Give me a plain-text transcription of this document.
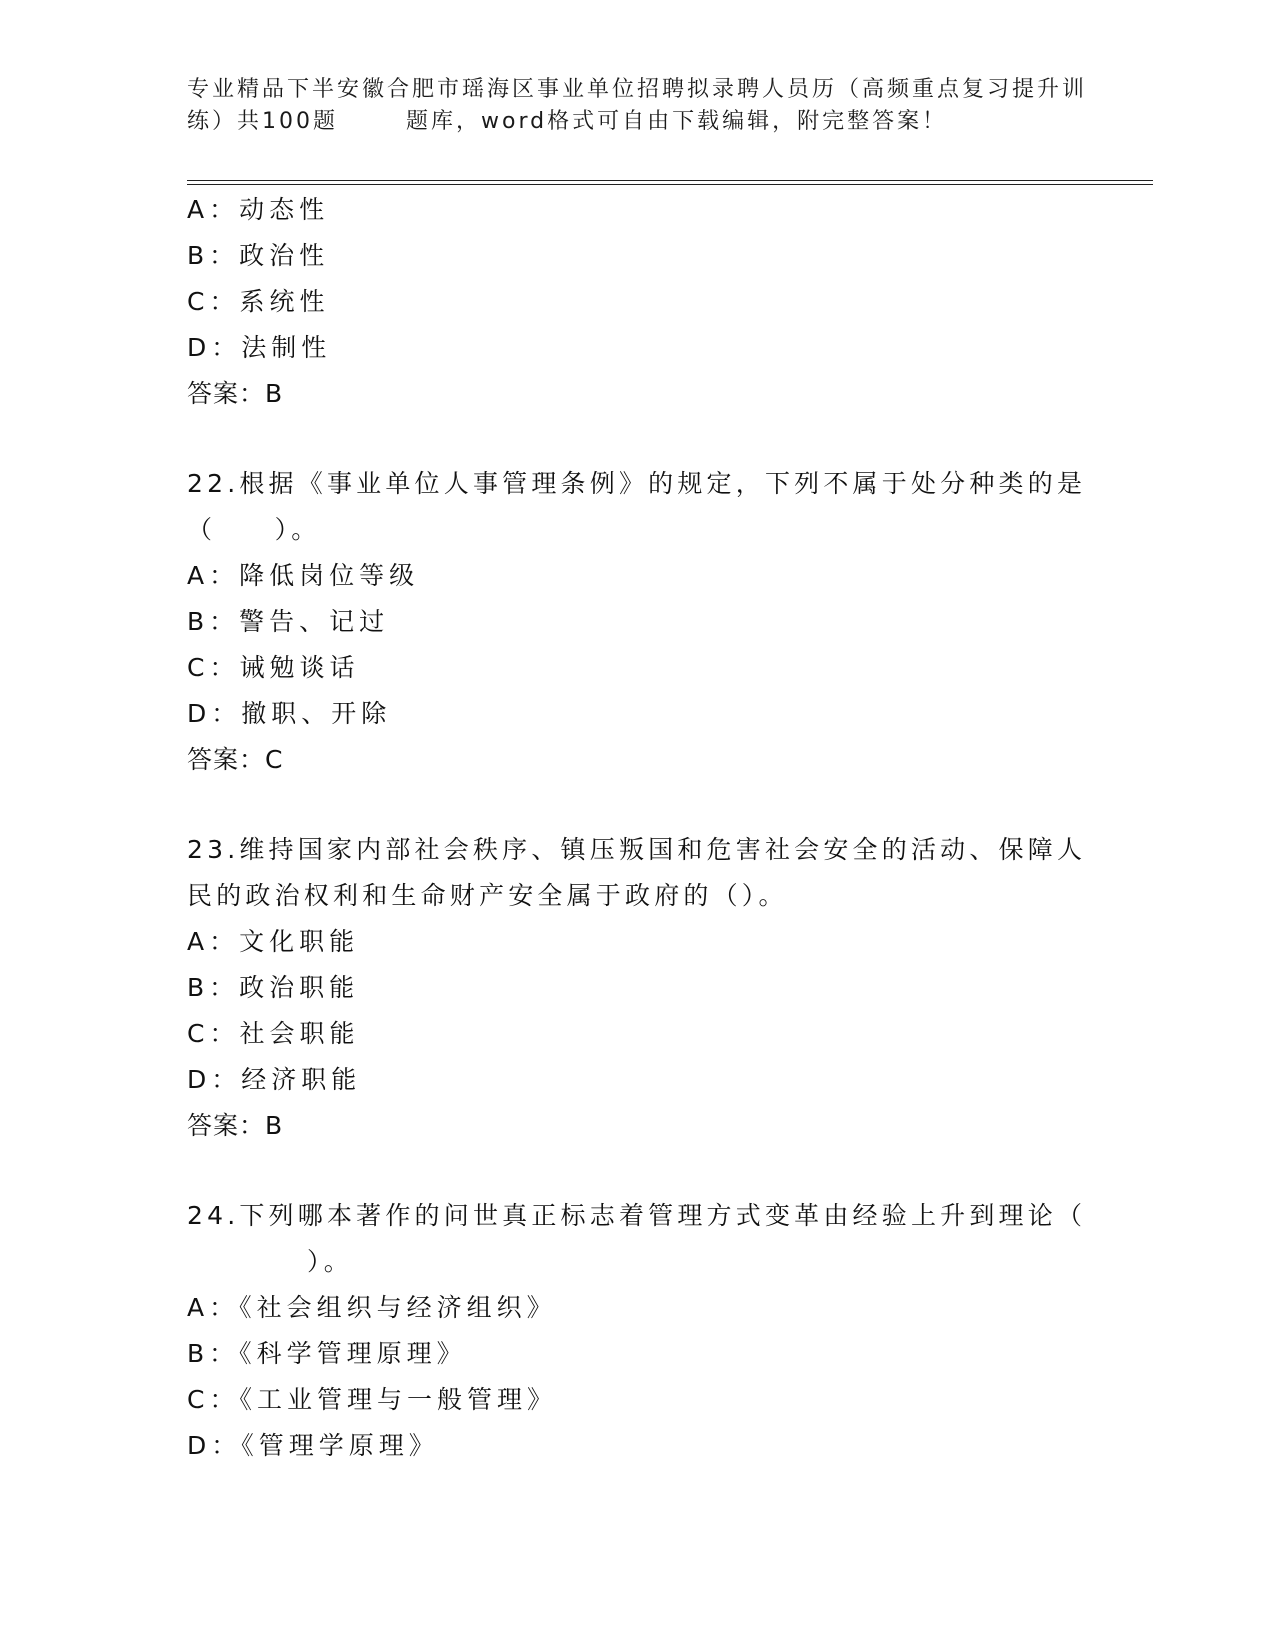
专业精品下半安徽合肥市瑶海区事业单位招聘拟录聘人员历（高频重点复习提升训
练）共100题	题库，word格式可自由下载编辑，附完整答案！
A：动态性
B：政治性
C：系统性
D：法制性
答案：B
22.根据《事业单位人事管理条例》的规定，下列不属于处分种类的是
（　　）。
A：降低岗位等级
B：警告、记过
C：诫勉谈话
D：撤职、开除
答案：C
23.维持国家内部社会秩序、镇压叛国和危害社会安全的活动、保障人
民的政治权利和生命财产安全属于政府的（）。
A：文化职能
B：政治职能
C：社会职能
D：经济职能
答案：B
24.下列哪本著作的问世真正标志着管理方式变革由经验上升到理论（
）。
A：《社会组织与经济组织》
B：《科学管理原理》
C：《工业管理与一般管理》
D：《管理学原理》
